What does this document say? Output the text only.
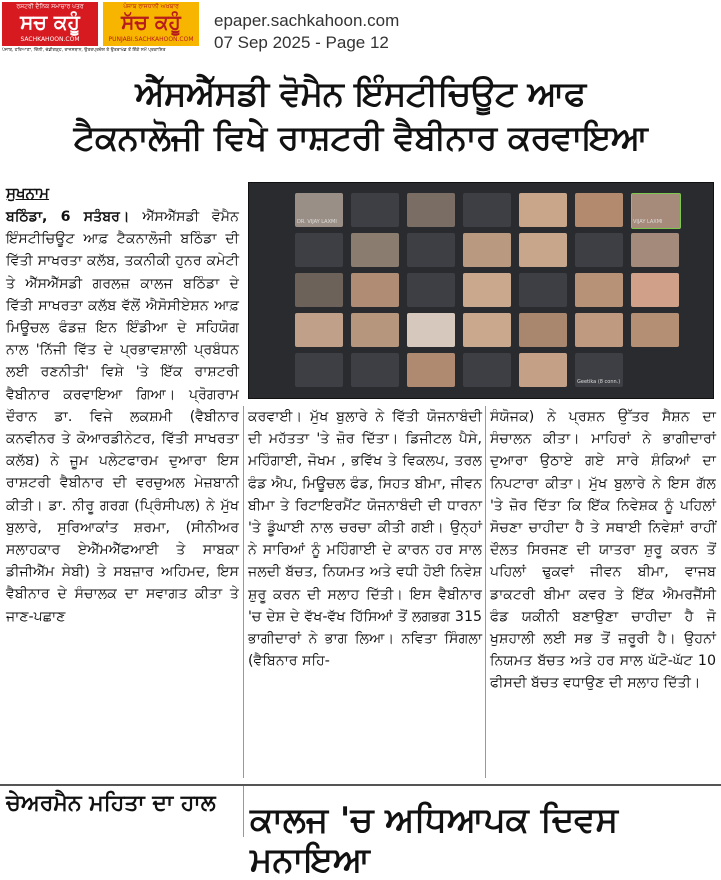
ਰਸ਼ਟਰੀ ਦੈਨਿਕ ਸਮਾਚਾਰ ਪਤਰ
ਸਚ ਕਹੂੰ
SACHKAHOON.COM
ਪੰਜਾਬ ਰਾਜਧਾਨੀ ਅਖ਼ਬਾਰ
ਸੱਚ ਕਹੂੰ
PUNJABI.SACHKAHOON.COM
ਪੰਜਾਬ, ਹਰਿਆਣਾ, ਦਿੱਲੀ, ਚੰਡੀਗੜ੍ਹ, ਰਾਜਸਥਾਨ, ਉਤਰਪ੍ਰਦੇਸ਼ ਤੇ ਉਤਰਾਖੰਡ ਤੋਂ ਇੱਕੋ ਸਮੇਂ ਪ੍ਰਕਾਸ਼ਿਤ
epaper.sachkahoon.com
07 Sep 2025 - Page 12
ਐੱਸਐੱਸਡੀ ਵੋਮੈਨ ਇੰਸਟੀਚਿਊਟ ਆਫ
ਟੈਕਨਾਲੋਜੀ ਵਿਖੇ ਰਾਸ਼ਟਰੀ ਵੈਬੀਨਾਰ ਕਰਵਾਇਆ
ਸੁਖਨਾਮ
ਬਠਿੰਡਾ, 6 ਸਤੰਬਰ। ਐੱਸਐੱਸਡੀ ਵੋਮੈਨ ਇੰਸਟੀਚਿਊਟ ਆਫ਼ ਟੈਕਨਾਲੋਜੀ ਬਠਿੰਡਾ ਦੀ ਵਿੱਤੀ ਸਾਖਰਤਾ ਕਲੱਬ, ਤਕਨੀਕੀ ਹੁਨਰ ਕਮੇਟੀ ਤੇ ਐੱਸਐੱਸਡੀ ਗਰਲਜ਼ ਕਾਲਜ ਬਠਿੰਡਾ ਦੇ ਵਿੱਤੀ ਸਾਖਰਤਾ ਕਲੱਬ ਵੱਲੋਂ ਐਸੋਸੀਏਸ਼ਨ ਆਫ਼ ਮਿਊਚਲ ਫੰਡਜ਼ ਇਨ ਇੰਡੀਆ ਦੇ ਸਹਿਯੋਗ ਨਾਲ 'ਨਿੱਜੀ ਵਿੱਤ ਦੇ ਪ੍ਰਭਾਵਸ਼ਾਲੀ ਪ੍ਰਬੰਧਨ ਲਈ ਰਣਨੀਤੀ' ਵਿਸ਼ੇ 'ਤੇ ਇੱਕ ਰਾਸ਼ਟਰੀ ਵੈਬੀਨਾਰ ਕਰਵਾਇਆ ਗਿਆ। ਪ੍ਰੋਗਰਾਮ ਦੌਰਾਨ ਡਾ. ਵਿਜੇ ਲਕਸ਼ਮੀ (ਵੈਬੀਨਾਰ ਕਨਵੀਨਰ ਤੇ ਕੋਆਰਡੀਨੇਟਰ, ਵਿੱਤੀ ਸਾਖਰਤਾ ਕਲੱਬ) ਨੇ ਜ਼ੂਮ ਪਲੇਟਫਾਰਮ ਦੁਆਰਾ ਇਸ ਰਾਸ਼ਟਰੀ ਵੈਬੀਨਾਰ ਦੀ ਵਰਚੁਅਲ ਮੇਜ਼ਬਾਨੀ ਕੀਤੀ। ਡਾ. ਨੀਰੂ ਗਰਗ (ਪ੍ਰਿੰਸੀਪਲ) ਨੇ ਮੁੱਖ ਬੁਲਾਰੇ, ਸੁਰਿਆਕਾਂਤ ਸ਼ਰਮਾ, (ਸੀਨੀਅਰ ਸਲਾਹਕਾਰ ਏਐੱਮਐੱਫਆਈ ਤੇ ਸਾਬਕਾ ਡੀਜੀਐੱਮ ਸੇਬੀ) ਤੇ ਸਬਜ਼ਾਰ ਅਹਿਮਦ, ਇਸ ਵੈਬੀਨਾਰ ਦੇ ਸੰਚਾਲਕ ਦਾ ਸਵਾਗਤ ਕੀਤਾ ਤੇ ਜਾਣ-ਪਛਾਣ
DR. VIJAY LAXMI	VIJAY LAXMI
Geetika (8 conn.)
ਕਰਵਾਈ। ਮੁੱਖ ਬੁਲਾਰੇ ਨੇ ਵਿੱਤੀ ਯੋਜਨਾਬੰਦੀ ਦੀ ਮਹੱਤਤਾ 'ਤੇ ਜ਼ੋਰ ਦਿੱਤਾ। ਡਿਜੀਟਲ ਪੈਸੇ, ਮਹਿੰਗਾਈ, ਜੋਖਮ , ਭਵਿੱਖ ਤੇ ਵਿਕਲਪ, ਤਰਲ ਫੰਡ ਐਪ, ਮਿਊਚਲ ਫੰਡ, ਸਿਹਤ ਬੀਮਾ, ਜੀਵਨ ਬੀਮਾ ਤੇ ਰਿਟਾਇਰਮੈਂਟ ਯੋਜਨਾਬੰਦੀ ਦੀ ਧਾਰਨਾ 'ਤੇ ਡੂੰਘਾਈ ਨਾਲ ਚਰਚਾ ਕੀਤੀ ਗਈ। ਉਨ੍ਹਾਂ ਨੇ ਸਾਰਿਆਂ ਨੂੰ ਮਹਿੰਗਾਈ ਦੇ ਕਾਰਨ ਹਰ ਸਾਲ ਜਲਦੀ ਬੱਚਤ, ਨਿਯਮਤ ਅਤੇ ਵਧੀ ਹੋਈ ਨਿਵੇਸ਼ ਸ਼ੁਰੂ ਕਰਨ ਦੀ ਸਲਾਹ ਦਿੱਤੀ। ਇਸ ਵੈਬੀਨਾਰ 'ਚ ਦੇਸ਼ ਦੇ ਵੱਖ-ਵੱਖ ਹਿੱਸਿਆਂ ਤੋਂ ਲਗਭਗ 315 ਭਾਗੀਦਾਰਾਂ ਨੇ ਭਾਗ ਲਿਆ। ਨਵਿਤਾ ਸਿੰਗਲਾ (ਵੈਬਿਨਾਰ ਸਹਿ-
ਸੰਯੋਜਕ) ਨੇ ਪ੍ਰਸ਼ਨ ਉੱਤਰ ਸੈਸ਼ਨ ਦਾ ਸੰਚਾਲਨ ਕੀਤਾ। ਮਾਹਿਰਾਂ ਨੇ ਭਾਗੀਦਾਰਾਂ ਦੁਆਰਾ ਉਠਾਏ ਗਏ ਸਾਰੇ ਸ਼ੰਕਿਆਂ ਦਾ ਨਿਪਟਾਰਾ ਕੀਤਾ। ਮੁੱਖ ਬੁਲਾਰੇ ਨੇ ਇਸ ਗੱਲ 'ਤੇ ਜ਼ੋਰ ਦਿੱਤਾ ਕਿ ਇੱਕ ਨਿਵੇਸ਼ਕ ਨੂੰ ਪਹਿਲਾਂ ਸੋਚਣਾ ਚਾਹੀਦਾ ਹੈ ਤੇ ਸਥਾਈ ਨਿਵੇਸ਼ਾਂ ਰਾਹੀਂ ਦੌਲਤ ਸਿਰਜਣ ਦੀ ਯਾਤਰਾ ਸ਼ੁਰੂ ਕਰਨ ਤੋਂ ਪਹਿਲਾਂ ਢੁਕਵਾਂ ਜੀਵਨ ਬੀਮਾ, ਵਾਜਬ ਡਾਕਟਰੀ ਬੀਮਾ ਕਵਰ ਤੇ ਇੱਕ ਐਮਰਜੈਂਸੀ ਫੰਡ ਯਕੀਨੀ ਬਣਾਉਣਾ ਚਾਹੀਦਾ ਹੈ ਜੋ ਖੁਸ਼ਹਾਲੀ ਲਈ ਸਭ ਤੋਂ ਜ਼ਰੂਰੀ ਹੈ। ਉਹਨਾਂ ਨਿਯਮਤ ਬੱਚਤ ਅਤੇ ਹਰ ਸਾਲ ਘੱਟੋ-ਘੱਟ 10 ਫੀਸਦੀ ਬੱਚਤ ਵਧਾਉਣ ਦੀ ਸਲਾਹ ਦਿੱਤੀ।
ਚੇਅਰਮੈਨ ਮਹਿਤਾ ਦਾ ਹਾਲ ਕਾਲਜ 'ਚ ਅਧਿਆਪਕ ਦਿਵਸ ਮਨਾਇਆ
